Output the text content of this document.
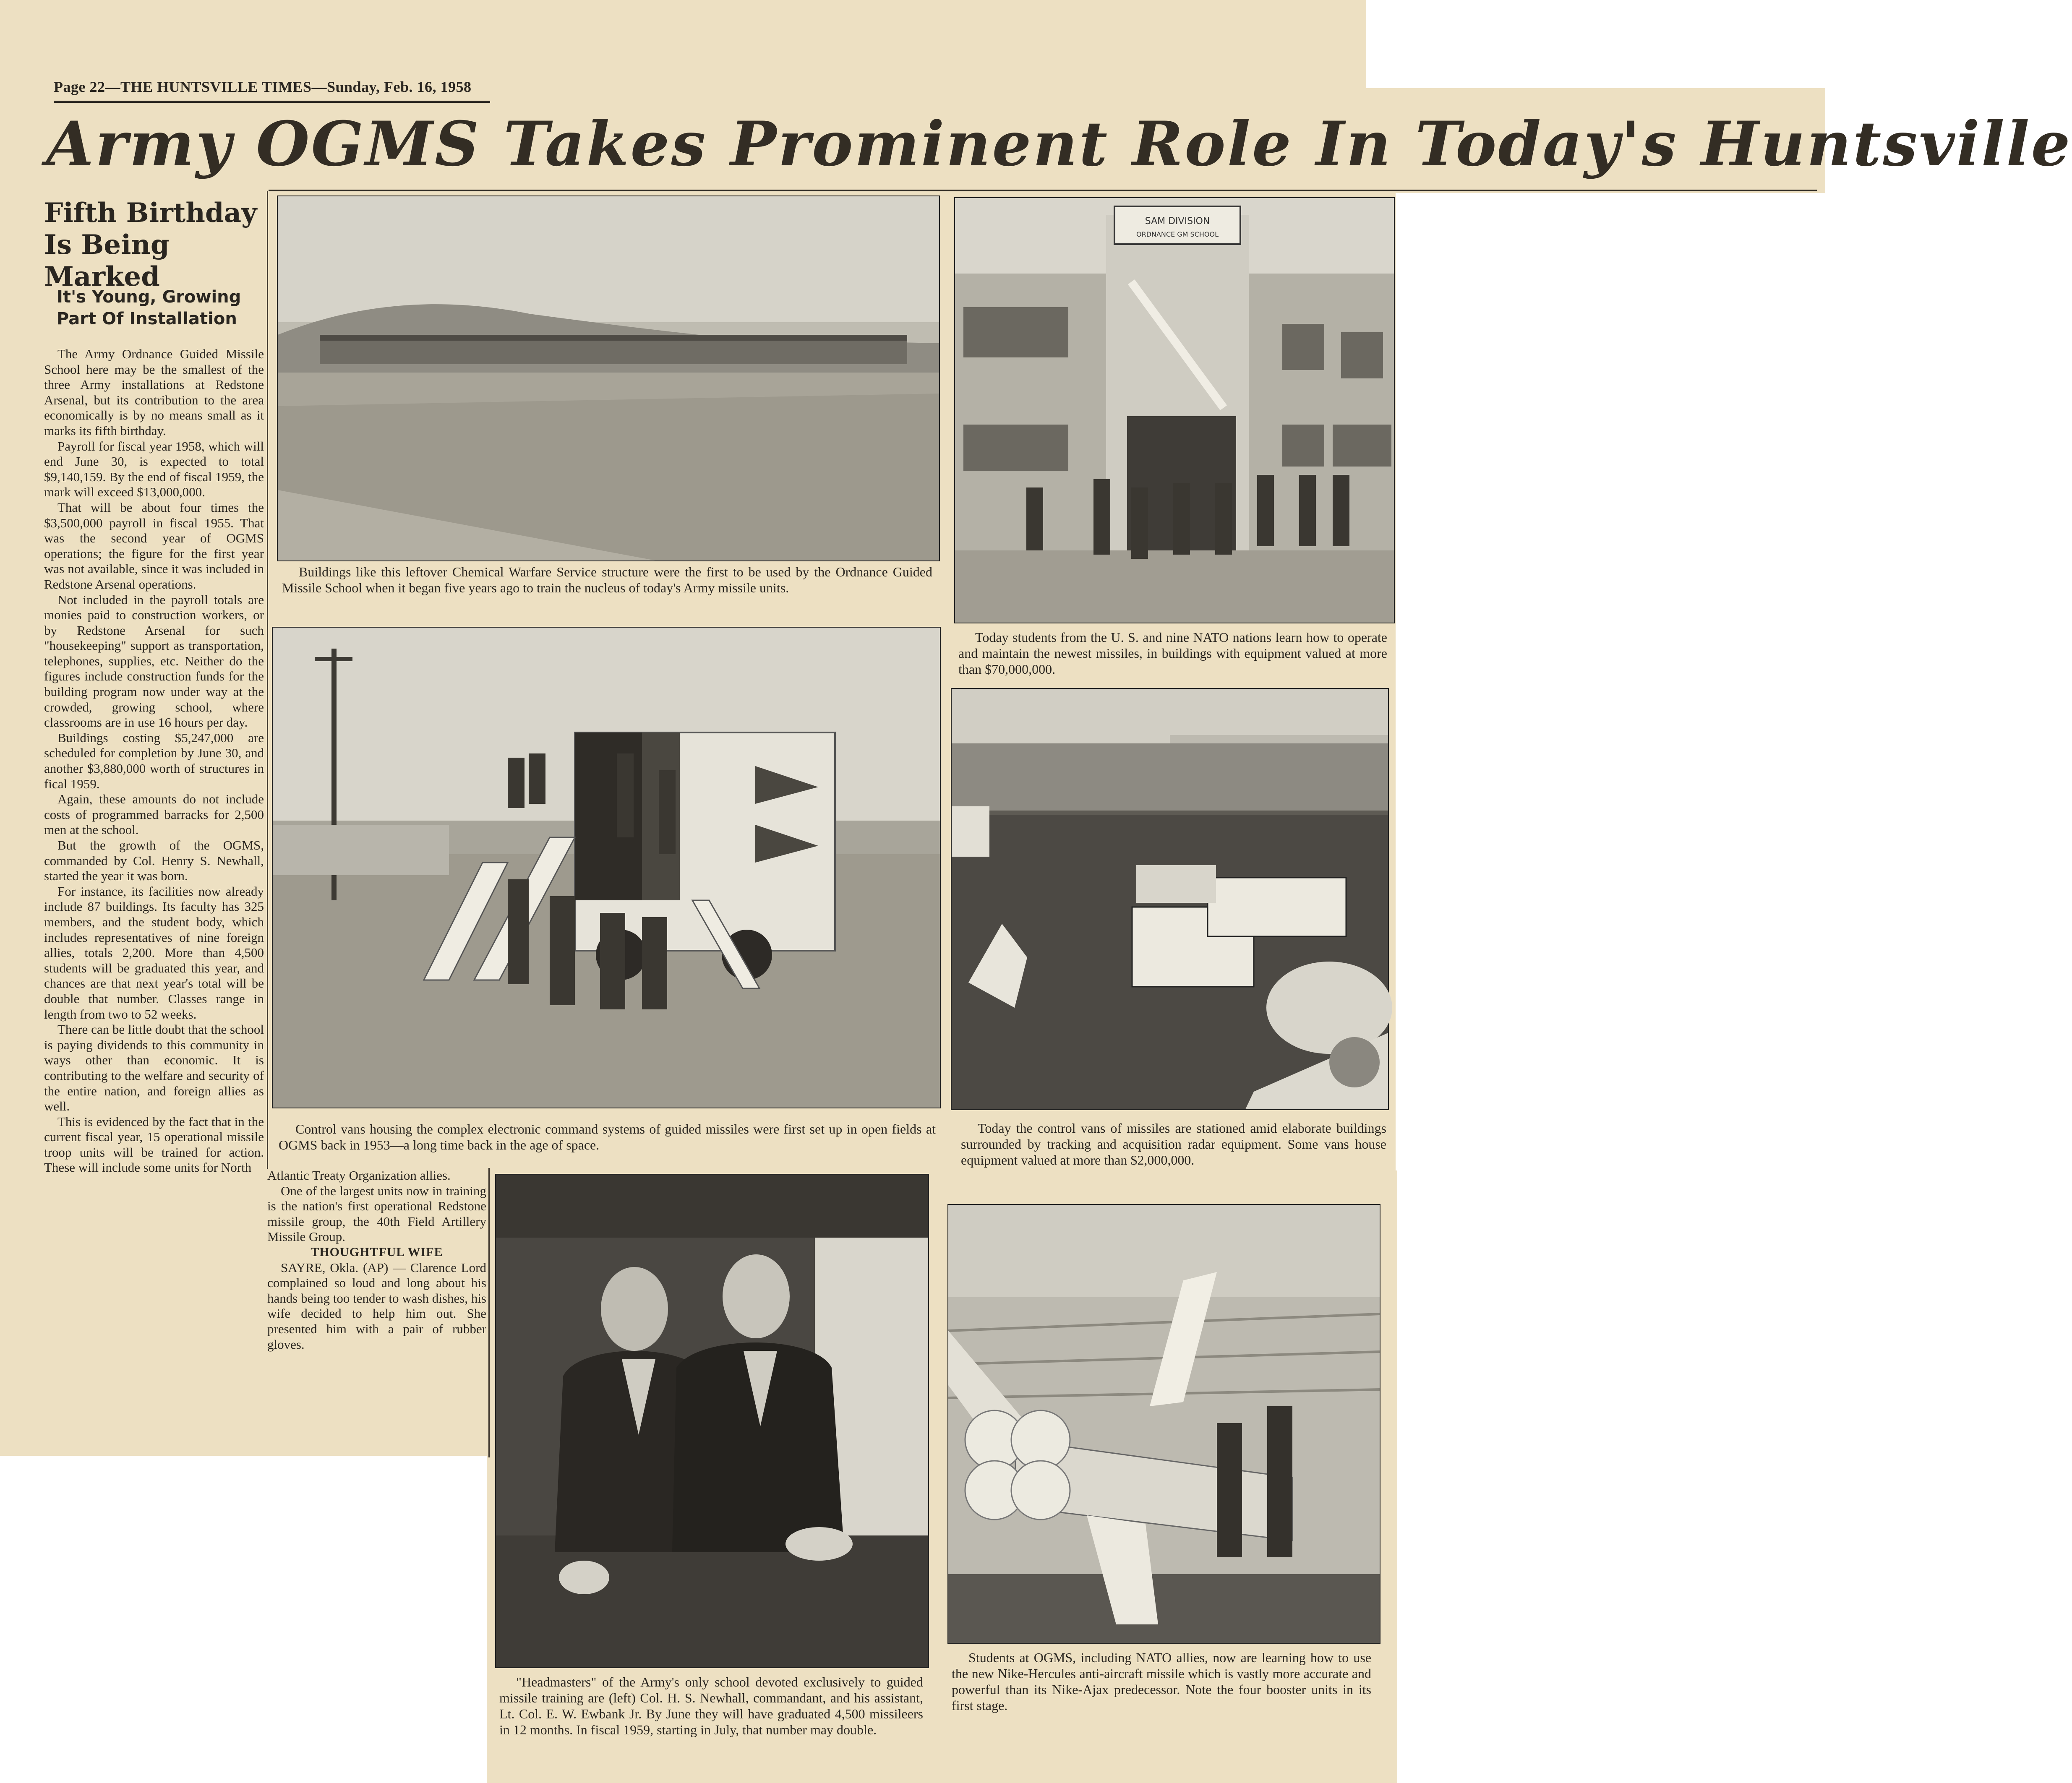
Page 22—THE HUNTSVILLE TIMES—Sunday, Feb. 16, 1958
Army OGMS Takes Prominent Role In Today's Huntsville
Fifth Birthday
Is Being Marked
It's Young, Growing
Part Of Installation

The Army Ordnance Guided Missile School here may be the smallest of the three Army installations at Redstone Arsenal, but its contribution to the area economically is by no means small as it marks its fifth birthday.

Payroll for fiscal year 1958, which will end June 30, is expected to total $9,140,159. By the end of fiscal 1959, the mark will exceed $13,000,000.

That will be about four times the $3,500,000 payroll in fiscal 1955. That was the second year of OGMS operations; the figure for the first year was not available, since it was included in Redstone Arsenal operations.

Not included in the payroll totals are monies paid to construction workers, or by Redstone Arsenal for such "housekeeping" support as transportation, telephones, supplies, etc. Neither do the figures include construction funds for the building program now under way at the crowded, growing school, where classrooms are in use 16 hours per day.

Buildings costing $5,247,000 are scheduled for completion by June 30, and another $3,880,000 worth of structures in fical 1959.

Again, these amounts do not include costs of programmed barracks for 2,500 men at the school.

But the growth of the OGMS, commanded by Col. Henry S. Newhall, started the year it was born.

For instance, its facilities now already include 87 buildings. Its faculty has 325 members, and the student body, which includes representatives of nine foreign allies, totals 2,200. More than 4,500 students will be graduated this year, and chances are that next year's total will be double that number. Classes range in length from two to 52 weeks.

There can be little doubt that the school is paying dividends to this community in ways other than economic. It is contributing to the welfare and security of the entire nation, and foreign allies as well.

This is evidenced by the fact that in the current fiscal year, 15 operational missile troop units will be trained for action. These will include some units for North

Atlantic Treaty Organization allies.

One of the largest units now in training is the nation's first operational Redstone missile group, the 40th Field Artillery Missile Group.

THOUGHTFUL WIFE

SAYRE, Okla. (AP) — Clarence Lord complained so loud and long about his hands being too tender to wash dishes, his wife decided to help him out. She presented him with a pair of rubber gloves.

Buildings like this leftover Chemical Warfare Service structure were the first to be used by the Ordnance Guided Missile School when it began five years ago to train the nucleus of today's Army missile units.

SAM DIVISION
ORDNANCE GM SCHOOL

Today students from the U. S. and nine NATO nations learn how to operate and maintain the newest missiles, in buildings with equipment valued at more than $70,000,000.

Control vans housing the complex electronic command systems of guided missiles were first set up in open fields at OGMS back in 1953—a long time back in the age of space.

Today the control vans of missiles are stationed amid elaborate buildings surrounded by tracking and acquisition radar equipment. Some vans house equipment valued at more than $2,000,000.

"Headmasters" of the Army's only school devoted exclusively to guided missile training are (left) Col. H. S. Newhall, commandant, and his assistant, Lt. Col. E. W. Ewbank Jr. By June they will have graduated 4,500 missileers in 12 months. In fiscal 1959, starting in July, that number may double.

Students at OGMS, including NATO allies, now are learning how to use the new Nike-Hercules anti-aircraft missile which is vastly more accurate and powerful than its Nike-Ajax predecessor. Note the four booster units in its first stage.
